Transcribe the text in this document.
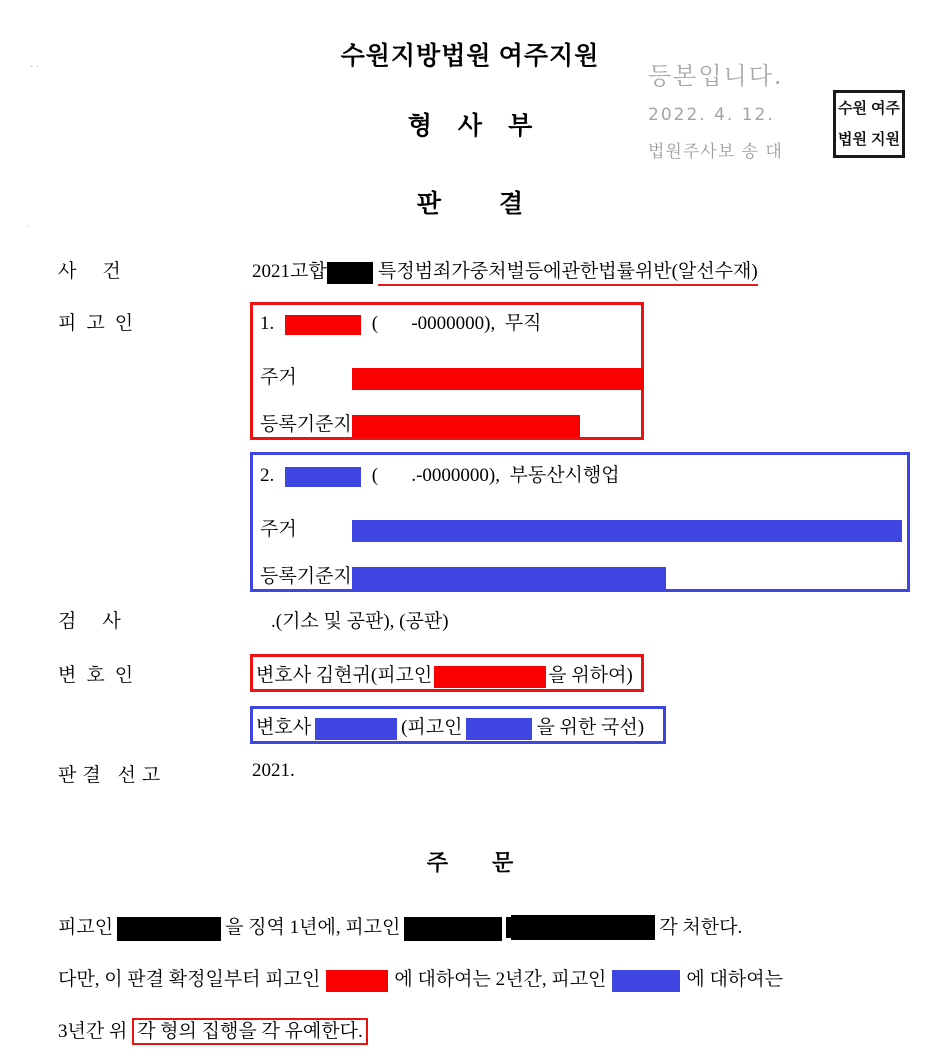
. .
.
수원지방법원 여주지원
형사부
판결
등본입니다.
2022. 4. 12.
법원주사보 송 대
수원 여주
법원 지원
사건	2021고합	특정범죄가중처벌등에관한법률위반(알선수재)
피고인	1.	(       -0000000),  무직
주거
등록기준지
2.	(       .-0000000),  부동산시행업
주거
등록기준지
검사	.(기소 및 공판), (공판)
변호인	변호사 김현귀(피고인	을 위하여)
변호사	(피고인	을 위한 국선)
판결 선고	2021.
주문
피고인	을 징역 1년에, 피고인	을 징역 1년 6월에 각 처한다.
다만, 이 판결 확정일부터 피고인	에 대하여는 2년간, 피고인	에 대하여는
3년간 위 각 형의 집행을 각 유예한다.
